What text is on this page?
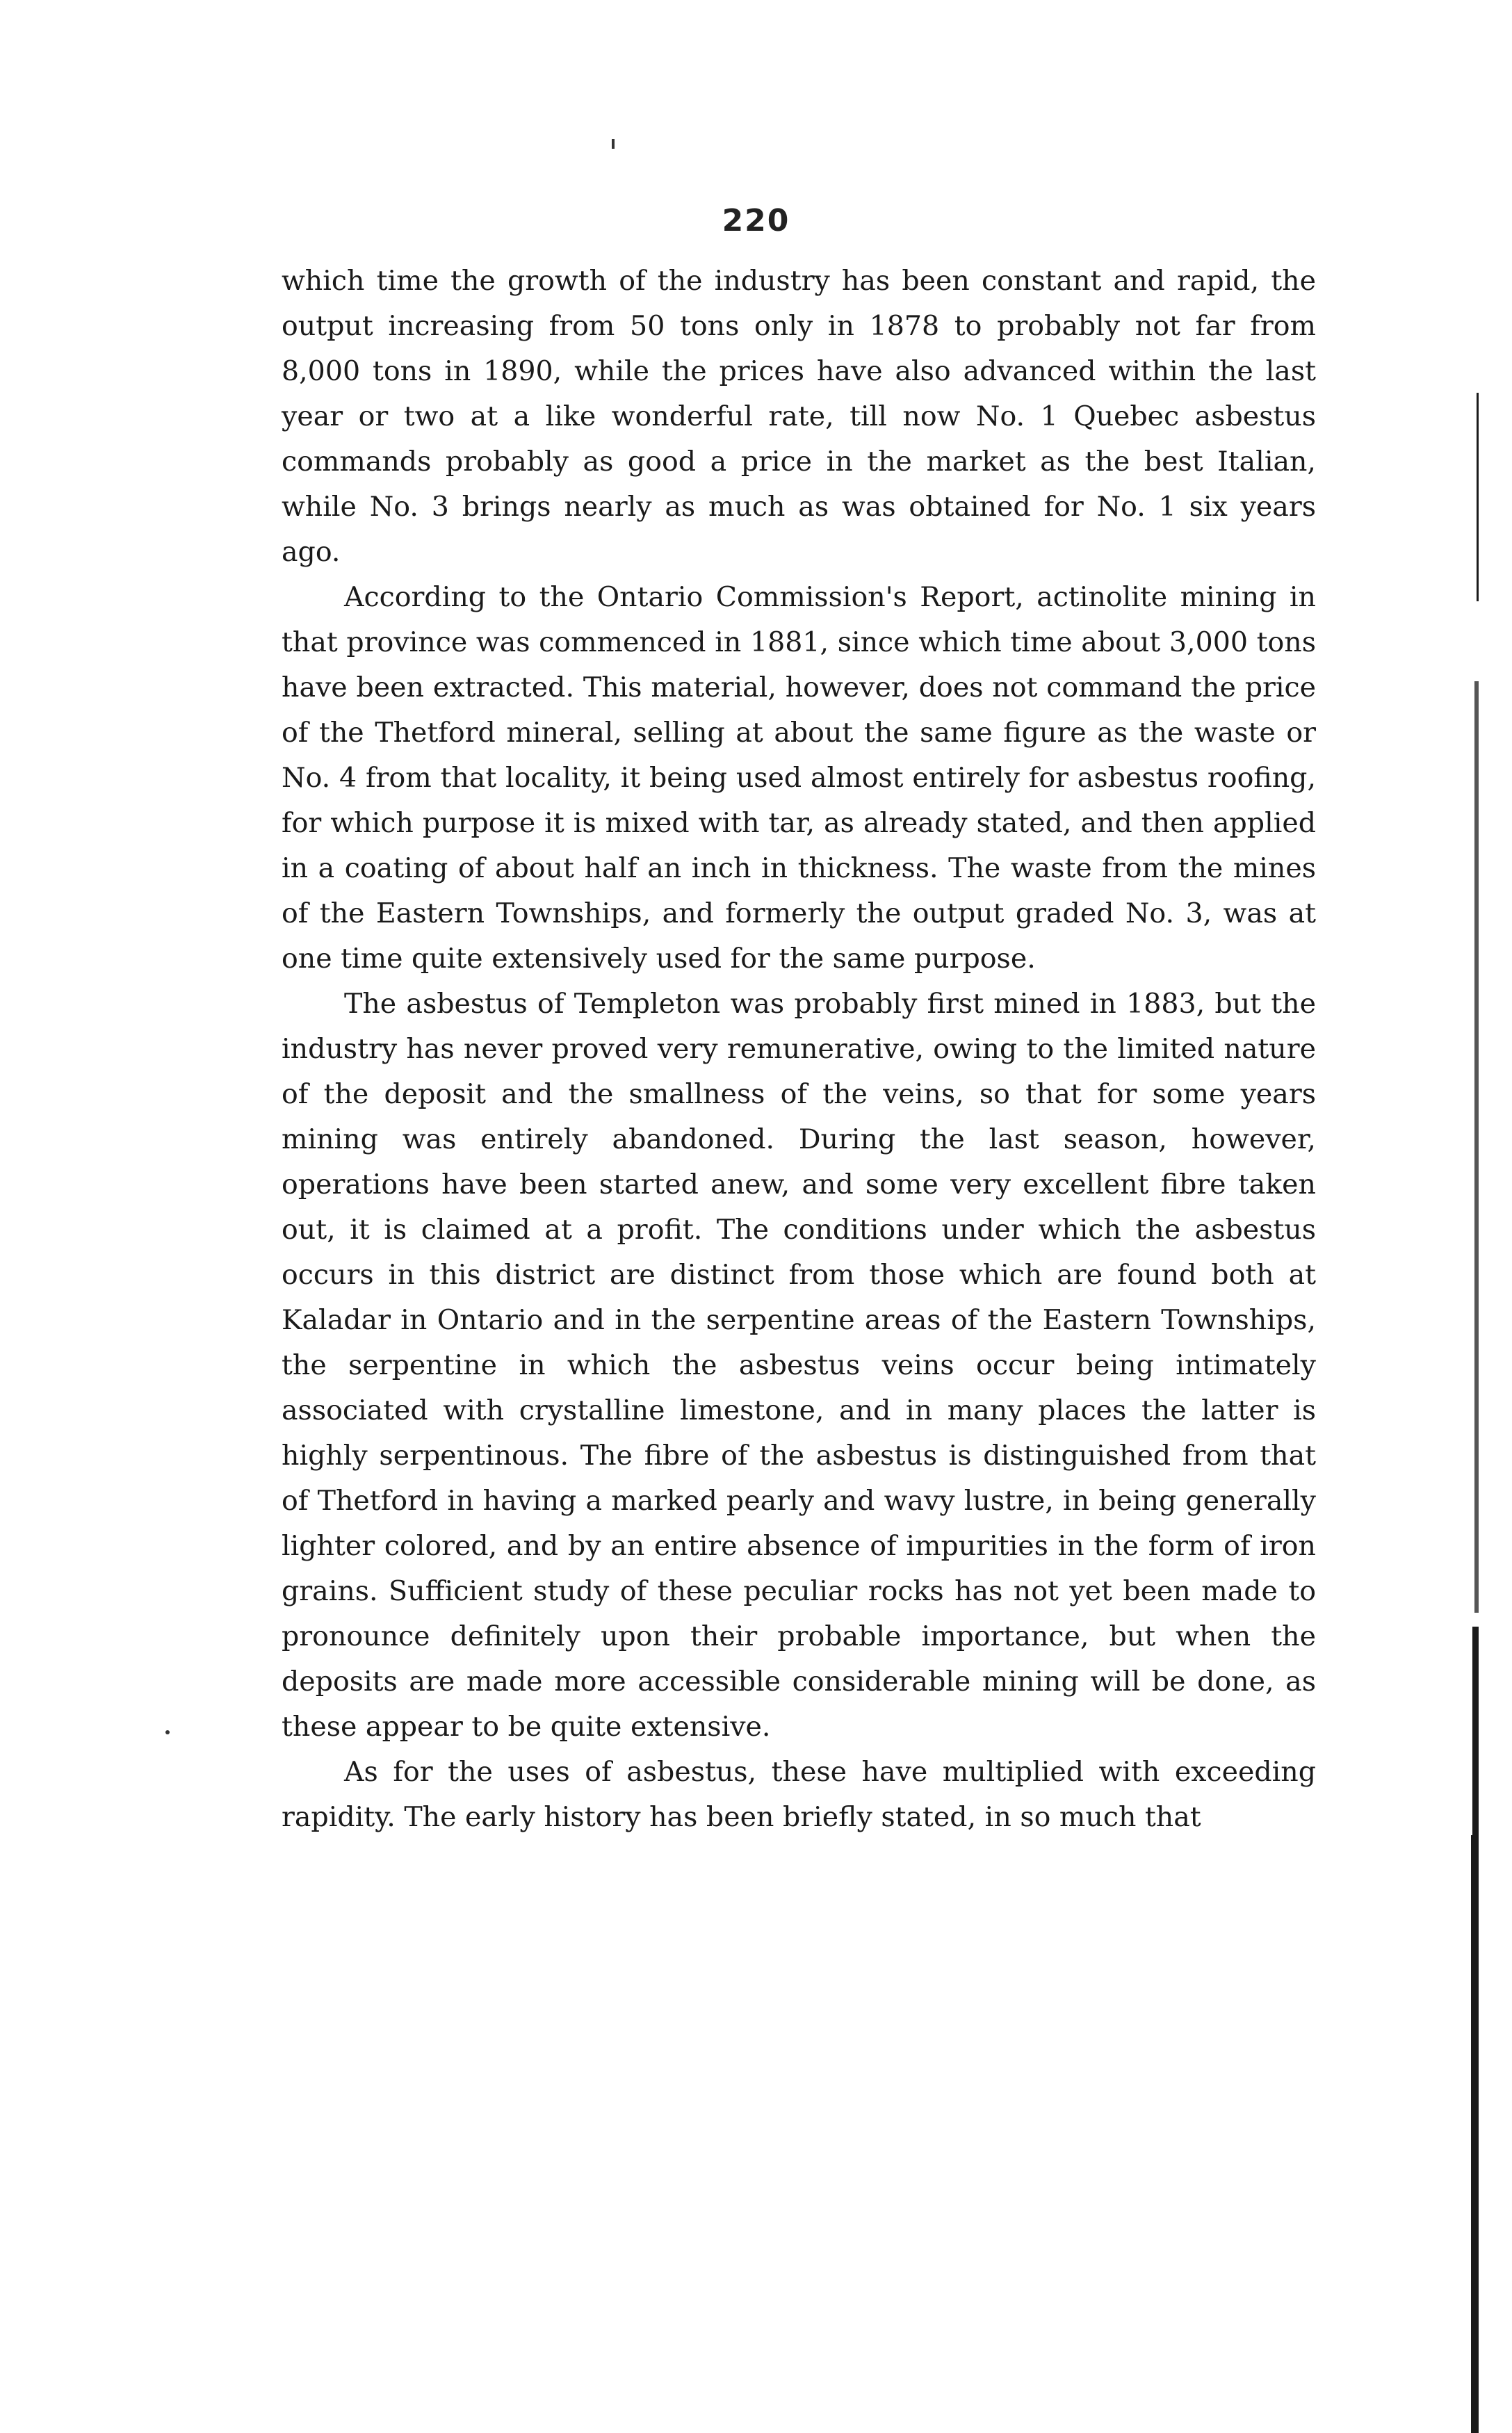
220

which time the growth of the industry has been constant and rapid, the output increasing from 50 tons only in 1878 to probably not far from 8,000 tons in 1890, while the prices have also advanced within the last year or two at a like wonderful rate, till now No. 1 Quebec asbestus commands probably as good a price in the market as the best Italian, while No. 3 brings nearly as much as was obtained for No. 1 six years ago.

According to the Ontario Commission's Report, actinolite mining in that province was commenced in 1881, since which time about 3,000 tons have been extracted. This material, however, does not command the price of the Thetford mineral, selling at about the same figure as the waste or No. 4 from that locality, it being used almost entirely for asbestus roofing, for which purpose it is mixed with tar, as already stated, and then applied in a coating of about half an inch in thickness. The waste from the mines of the Eastern Townships, and formerly the output graded No. 3, was at one time quite extensively used for the same purpose.

The asbestus of Templeton was probably first mined in 1883, but the industry has never proved very remunerative, owing to the limited nature of the deposit and the smallness of the veins, so that for some years mining was entirely abandoned. During the last season, however, operations have been started anew, and some very excellent fibre taken out, it is claimed at a profit. The conditions under which the asbestus occurs in this district are distinct from those which are found both at Kaladar in Ontario and in the serpentine areas of the Eastern Townships, the serpentine in which the asbestus veins occur being intimately associated with crystalline limestone, and in many places the latter is highly serpentinous. The fibre of the asbestus is distinguished from that of Thetford in having a marked pearly and wavy lustre, in being generally lighter colored, and by an entire absence of impurities in the form of iron grains. Sufficient study of these peculiar rocks has not yet been made to pronounce definitely upon their probable importance, but when the deposits are made more accessible considerable mining will be done, as these appear to be quite extensive.

As for the uses of asbestus, these have multiplied with exceeding rapidity. The early history has been briefly stated, in so much that
